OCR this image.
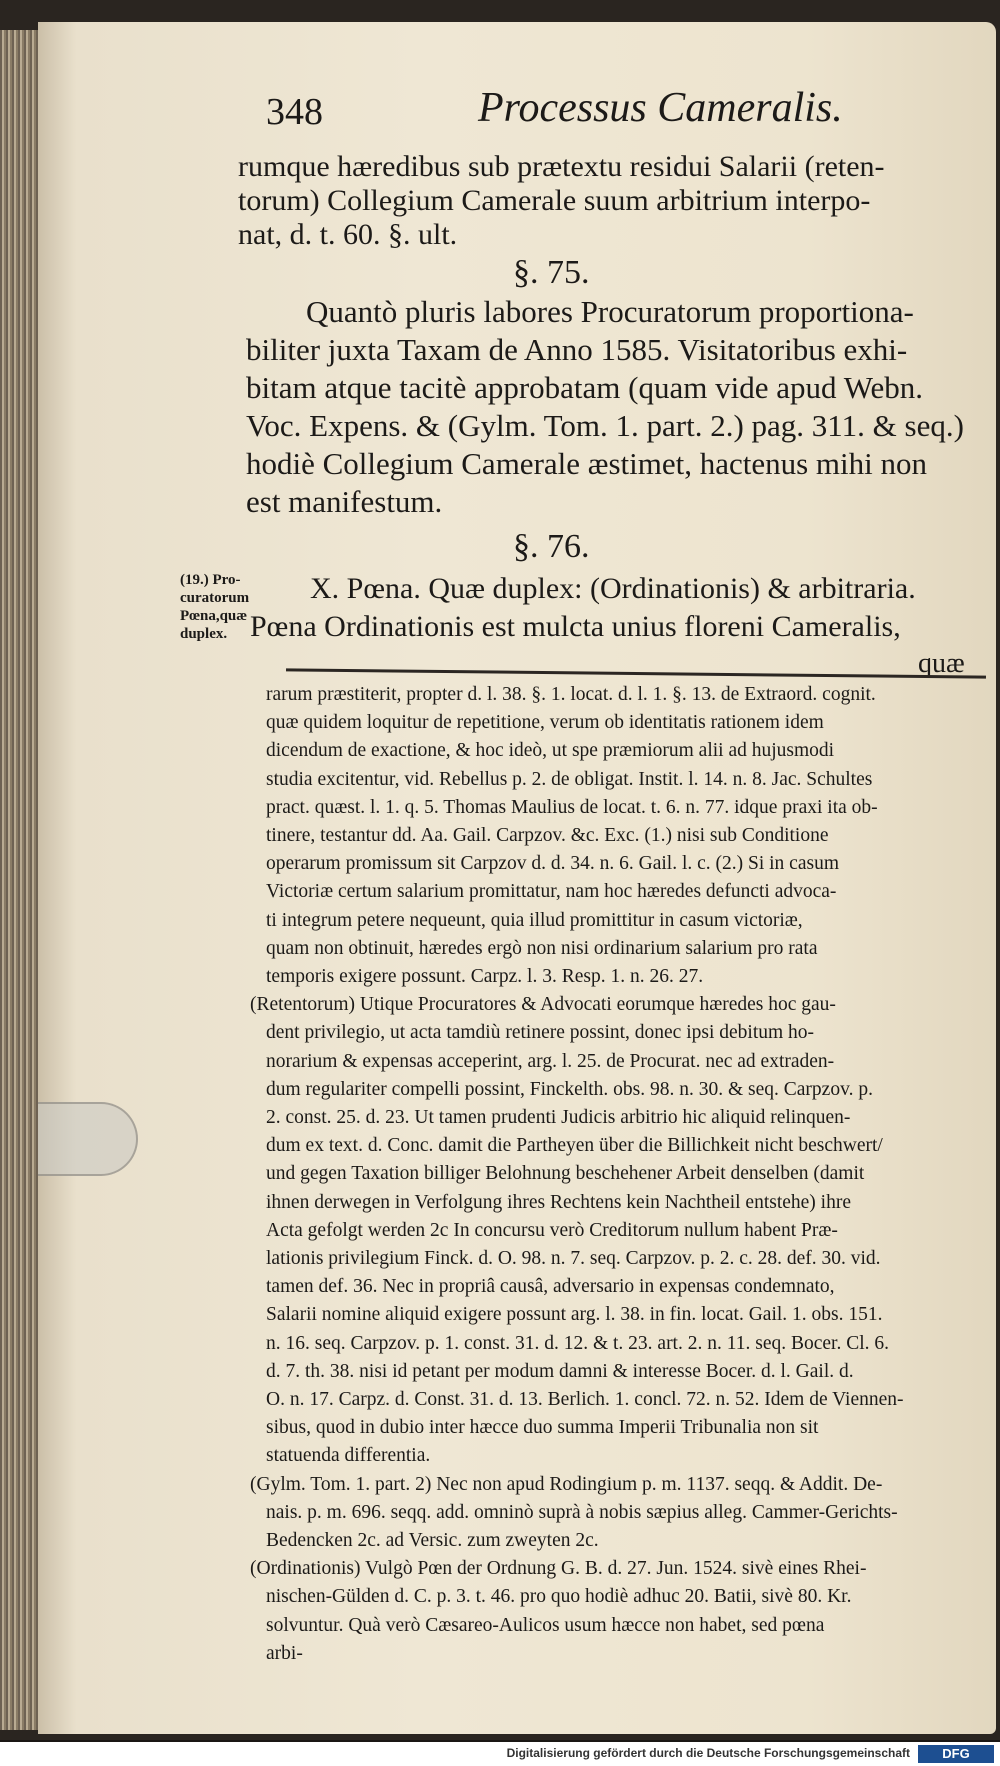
348	Processus Cameralis.
rumque hæredibus sub prætextu residui Salarii (reten-
torum) Collegium Camerale suum arbitrium interpo-
nat, d. t. 60. §. ult.
§. 75.
Quantò pluris labores Procuratorum proportiona-
biliter juxta Taxam de Anno 1585. Visitatoribus exhi-
bitam atque tacitè approbatam (quam vide apud Webn.
Voc. Expens. & (Gylm. Tom. 1. part. 2.) pag. 311. & seq.)
hodiè Collegium Camerale æstimet, hactenus mihi non
est manifestum.
§. 76.
(19.) Pro-
curatorum
Pœna,quæ
duplex.
X. Pœna. Quæ duplex: (Ordinationis) & arbitraria.
Pœna Ordinationis est mulcta unius floreni Cameralis,
quæ
rarum præstiterit, propter d. l. 38. §. 1. locat. d. l. 1. §. 13. de Extraord. cognit.
quæ quidem loquitur de repetitione, verum ob identitatis rationem idem
dicendum de exactione, & hoc ideò, ut spe præmiorum alii ad hujusmodi
studia excitentur, vid. Rebellus p. 2. de obligat. Instit. l. 14. n. 8. Jac. Schultes
pract. quæst. l. 1. q. 5. Thomas Maulius de locat. t. 6. n. 77. idque praxi ita ob-
tinere, testantur dd. Aa. Gail. Carpzov. &c. Exc. (1.) nisi sub Conditione
operarum promissum sit Carpzov d. d. 34. n. 6. Gail. l. c. (2.) Si in casum
Victoriæ certum salarium promittatur, nam hoc hæredes defuncti advoca-
ti integrum petere nequeunt, quia illud promittitur in casum victoriæ,
quam non obtinuit, hæredes ergò non nisi ordinarium salarium pro rata
temporis exigere possunt. Carpz. l. 3. Resp. 1. n. 26. 27.
(Retentorum) Utique Procuratores & Advocati eorumque hæredes hoc gau-
dent privilegio, ut acta tamdiù retinere possint, donec ipsi debitum ho-
norarium & expensas acceperint, arg. l. 25. de Procurat. nec ad extraden-
dum regulariter compelli possint, Finckelth. obs. 98. n. 30. & seq. Carpzov. p.
2. const. 25. d. 23. Ut tamen prudenti Judicis arbitrio hic aliquid relinquen-
dum ex text. d. Conc. damit die Partheyen über die Billichkeit nicht beschwert/
und gegen Taxation billiger Belohnung beschehener Arbeit denselben (damit
ihnen derwegen in Verfolgung ihres Rechtens kein Nachtheil entstehe) ihre
Acta gefolgt werden 2c In concursu verò Creditorum nullum habent Præ-
lationis privilegium Finck. d. O. 98. n. 7. seq. Carpzov. p. 2. c. 28. def. 30. vid.
tamen def. 36. Nec in propriâ causâ, adversario in expensas condemnato,
Salarii nomine aliquid exigere possunt arg. l. 38. in fin. locat. Gail. 1. obs. 151.
n. 16. seq. Carpzov. p. 1. const. 31. d. 12. & t. 23. art. 2. n. 11. seq. Bocer. Cl. 6.
d. 7. th. 38. nisi id petant per modum damni & interesse Bocer. d. l. Gail. d.
O. n. 17. Carpz. d. Const. 31. d. 13. Berlich. 1. concl. 72. n. 52. Idem de Viennen-
sibus, quod in dubio inter hæcce duo summa Imperii Tribunalia non sit
statuenda differentia.
(Gylm. Tom. 1. part. 2) Nec non apud Rodingium p. m. 1137. seqq. & Addit. De-
nais. p. m. 696. seqq. add. omninò suprà à nobis sæpius alleg. Cammer-Gerichts-
Bedencken 2c. ad Versic. zum zweyten 2c.
(Ordinationis) Vulgò Pœn der Ordnung G. B. d. 27. Jun. 1524. sivè eines Rhei-
nischen-Gülden d. C. p. 3. t. 46. pro quo hodiè adhuc 20. Batii, sivè 80. Kr.
solvuntur. Quà verò Cæsareo-Aulicos usum hæcce non habet, sed pœna
arbi-
Digitalisierung gefördert durch die Deutsche Forschungsgemeinschaft	DFG
